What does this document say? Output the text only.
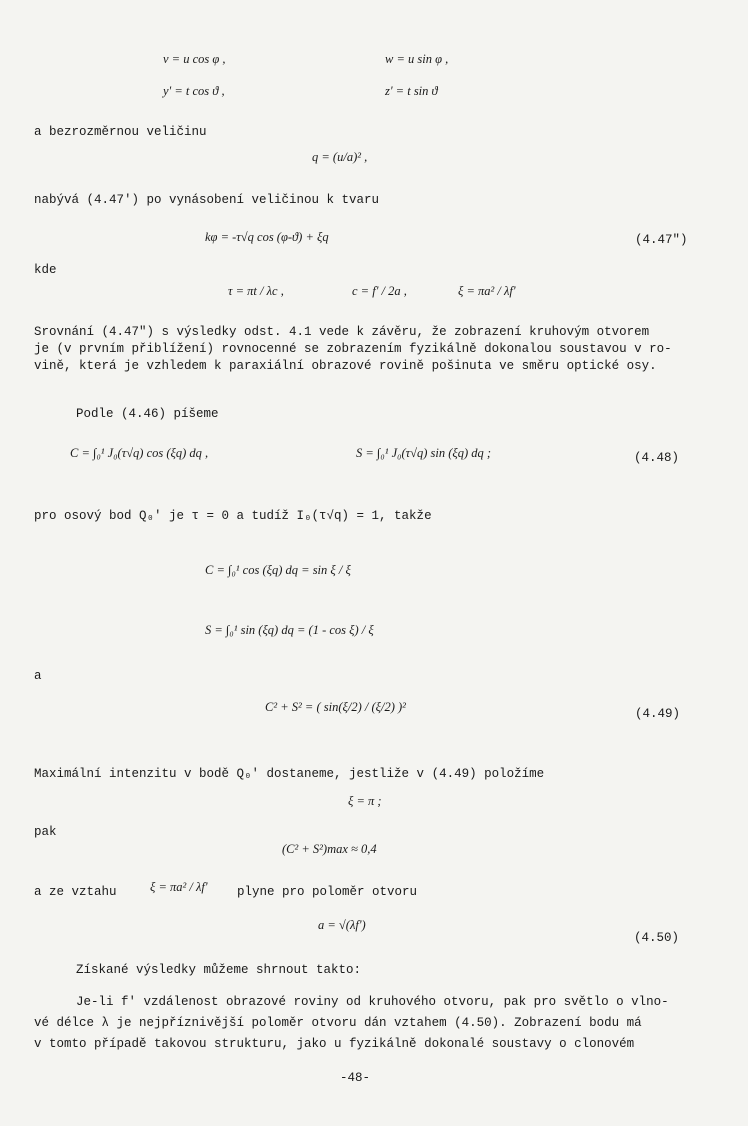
v = u cos φ ,	w = u sin φ ,
y' = t cos ϑ ,	z' = t sin ϑ
a bezrozměrnou veličinu
q = (u/a)² ,
nabývá (4.47') po vynásobení veličinou k tvaru
kφ = -τ√q cos (φ-ϑ) + ξq	(4.47")
kde
τ = πt / λc ,	c = f' / 2a ,	ξ = πa² / λf'
Srovnání (4.47") s výsledky odst. 4.1 vede k závěru, že zobrazení kruhovým otvorem
je (v prvním přiblížení) rovnocenné se zobrazením fyzikálně dokonalou soustavou v ro-
vině, která je vzhledem k paraxiální obrazové rovině pošinuta ve směru optické osy.
Podle (4.46) píšeme
C = ∫₀¹ J₀(τ√q) cos (ξq) dq ,	S = ∫₀¹ J₀(τ√q) sin (ξq) dq ;	(4.48)
pro osový bod Q₀' je τ = 0 a tudíž I₀(τ√q) = 1, takže
C = ∫₀¹ cos (ξq) dq = sin ξ / ξ
S = ∫₀¹ sin (ξq) dq = (1 - cos ξ) / ξ
a
C² + S² = ( sin(ξ/2) / (ξ/2) )²	(4.49)
Maximální intenzitu v bodě Q₀' dostaneme, jestliže v (4.49) položíme
ξ = π ;
pak
(C² + S²)max ≈ 0,4
a ze vztahu	ξ = πa² / λf' plyne pro poloměr otvoru
a = √(λf')
(4.50)
Získané výsledky můžeme shrnout takto:
Je-li f' vzdálenost obrazové roviny od kruhového otvoru, pak pro světlo o vlno-
vé délce λ je nejpříznivější poloměr otvoru dán vztahem (4.50). Zobrazení bodu má
v tomto případě takovou strukturu, jako u fyzikálně dokonalé soustavy o clonovém
-48-
